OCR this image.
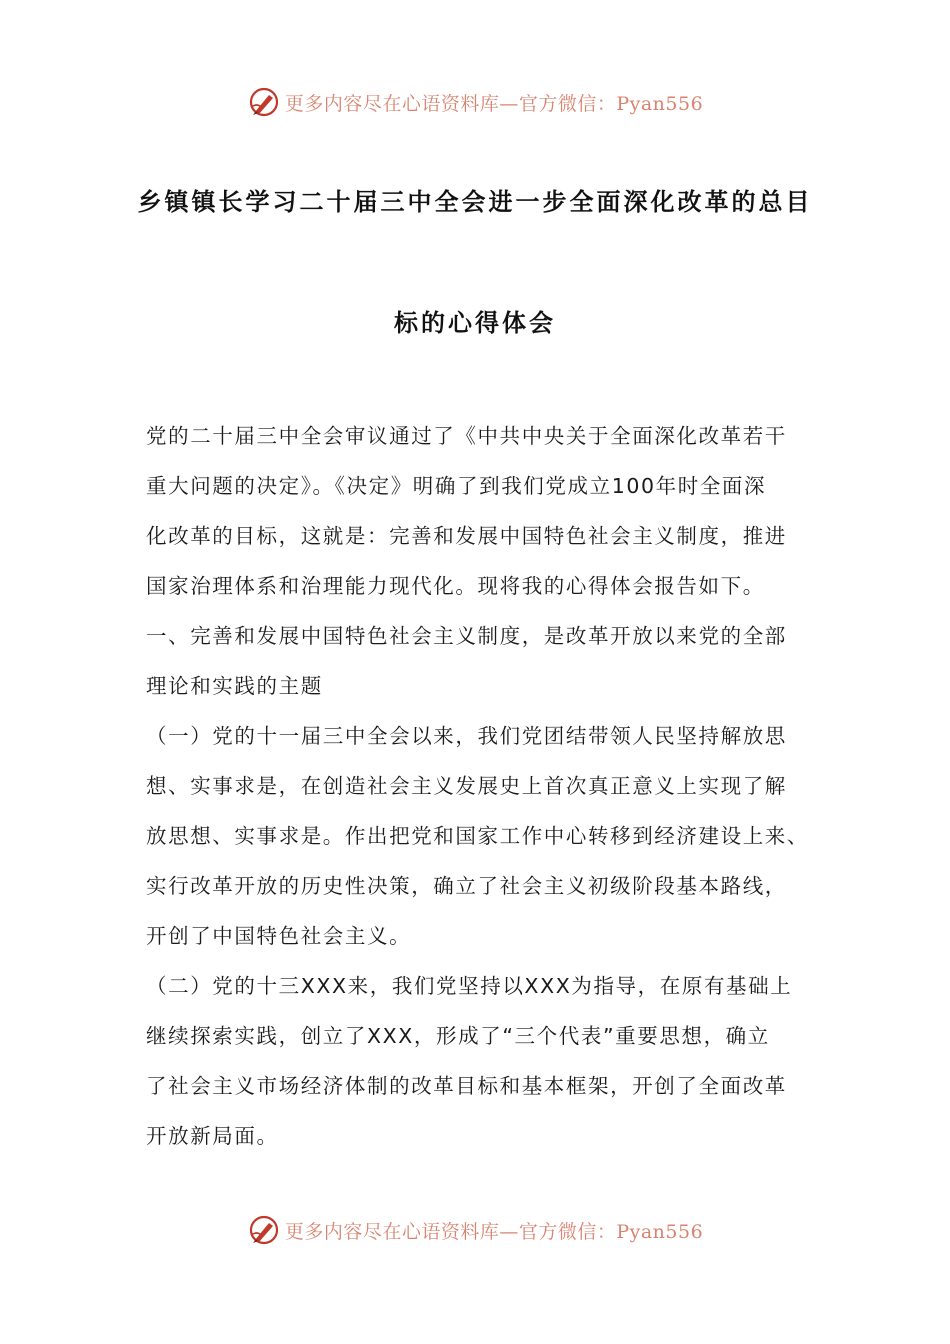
更多内容尽在心语资料库—官方微信：Pyan556
乡镇镇长学习二十届三中全会进一步全面深化改革的总目
标的心得体会
党的二十届三中全会审议通过了《中共中央关于全面深化改革若干
重大问题的决定》。《决定》明确了到我们党成立100年时全面深
化改革的目标，这就是：完善和发展中国特色社会主义制度，推进
国家治理体系和治理能力现代化。现将我的心得体会报告如下。
一、完善和发展中国特色社会主义制度，是改革开放以来党的全部
理论和实践的主题
（一）党的十一届三中全会以来，我们党团结带领人民坚持解放思
想、实事求是，在创造社会主义发展史上首次真正意义上实现了解
放思想、实事求是。作出把党和国家工作中心转移到经济建设上来、
实行改革开放的历史性决策，确立了社会主义初级阶段基本路线，
开创了中国特色社会主义。
（二）党的十三XXX来，我们党坚持以XXX为指导，在原有基础上
继续探索实践，创立了XXX，形成了“三个代表”重要思想，确立
了社会主义市场经济体制的改革目标和基本框架，开创了全面改革
开放新局面。
更多内容尽在心语资料库—官方微信：Pyan556
